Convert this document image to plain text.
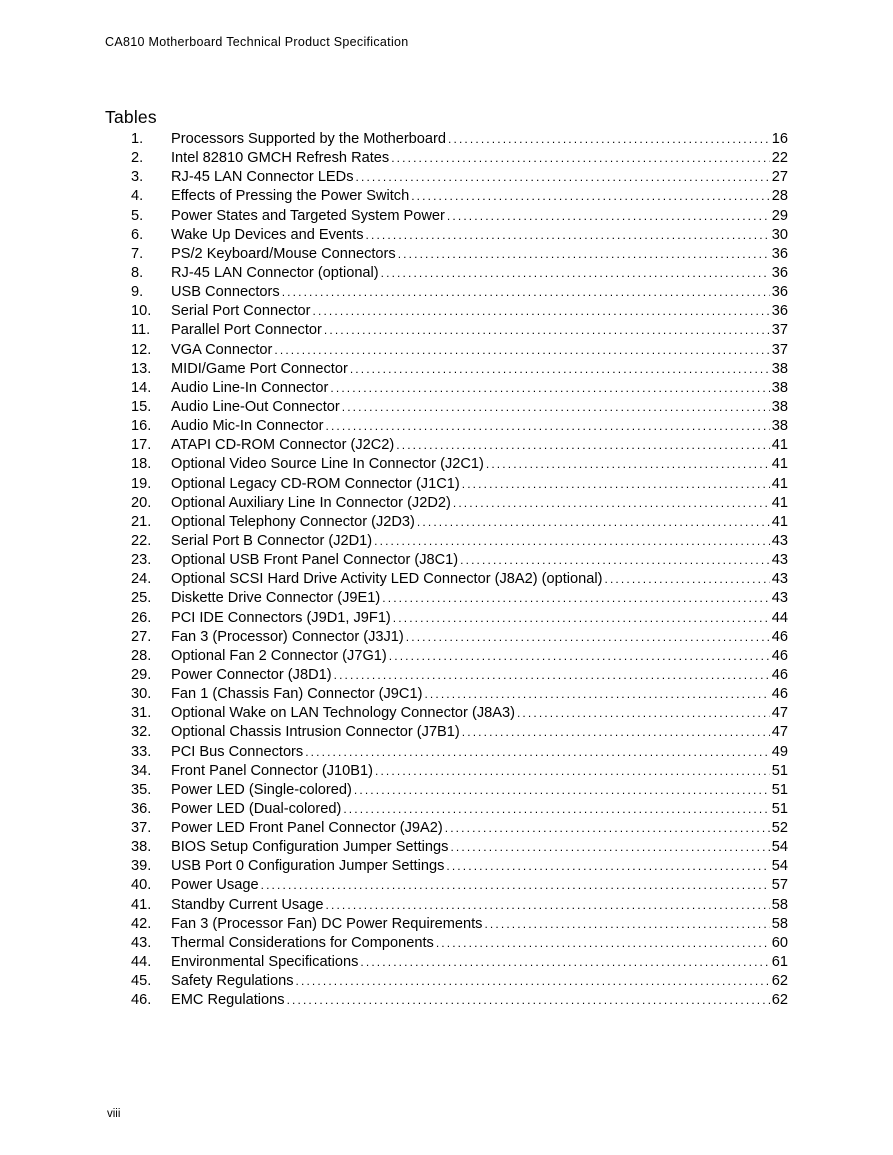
CA810 Motherboard Technical Product Specification
Tables
1. Processors Supported by the Motherboard . . .	16
2. Intel 82810 GMCH Refresh Rates . . .	22
3. RJ-45 LAN Connector LEDs . . .	27
4. Effects of Pressing the Power Switch . . .	28
5. Power States and Targeted System Power . . .	29
6. Wake Up Devices and Events . . .	30
7. PS/2 Keyboard/Mouse Connectors . . .	36
8. RJ-45 LAN Connector (optional) . . .	36
9. USB Connectors . . .	36
10. Serial Port Connector . . .	36
11. Parallel Port Connector . . .	37
12. VGA Connector . . .	37
13. MIDI/Game Port Connector . . .	38
14. Audio Line-In Connector . . .	38
15. Audio Line-Out Connector . . .	38
16. Audio Mic-In Connector . . .	38
17. ATAPI CD-ROM Connector (J2C2) . . .	41
18. Optional Video Source Line In Connector (J2C1) . . .	41
19. Optional Legacy CD-ROM Connector (J1C1) . . .	41
20. Optional Auxiliary Line In Connector (J2D2) . . .	41
21. Optional Telephony Connector (J2D3) . . .	41
22. Serial Port B Connector (J2D1) . . .	43
23. Optional USB Front Panel Connector (J8C1) . . .	43
24. Optional SCSI Hard Drive Activity LED Connector (J8A2) (optional) . . .	43
25. Diskette Drive Connector (J9E1) . . .	43
26. PCI IDE Connectors (J9D1, J9F1) . . .	44
27. Fan 3 (Processor) Connector (J3J1) . . .	46
28. Optional Fan 2 Connector (J7G1) . . .	46
29. Power Connector (J8D1) . . .	46
30. Fan 1 (Chassis Fan) Connector (J9C1) . . .	46
31. Optional Wake on LAN Technology Connector (J8A3) . . .	47
32. Optional Chassis Intrusion Connector (J7B1) . . .	47
33. PCI Bus Connectors . . .	49
34. Front Panel Connector (J10B1) . . .	51
35. Power LED (Single-colored) . . .	51
36. Power LED (Dual-colored) . . .	51
37. Power LED Front Panel Connector (J9A2) . . .	52
38. BIOS Setup Configuration Jumper Settings . . .	54
39. USB Port 0 Configuration Jumper Settings . . .	54
40. Power Usage . . .	57
41. Standby Current Usage . . .	58
42. Fan 3 (Processor Fan) DC Power Requirements . . .	58
43. Thermal Considerations for Components . . .	60
44. Environmental Specifications . . .	61
45. Safety Regulations . . .	62
46. EMC Regulations . . .	62
viii
